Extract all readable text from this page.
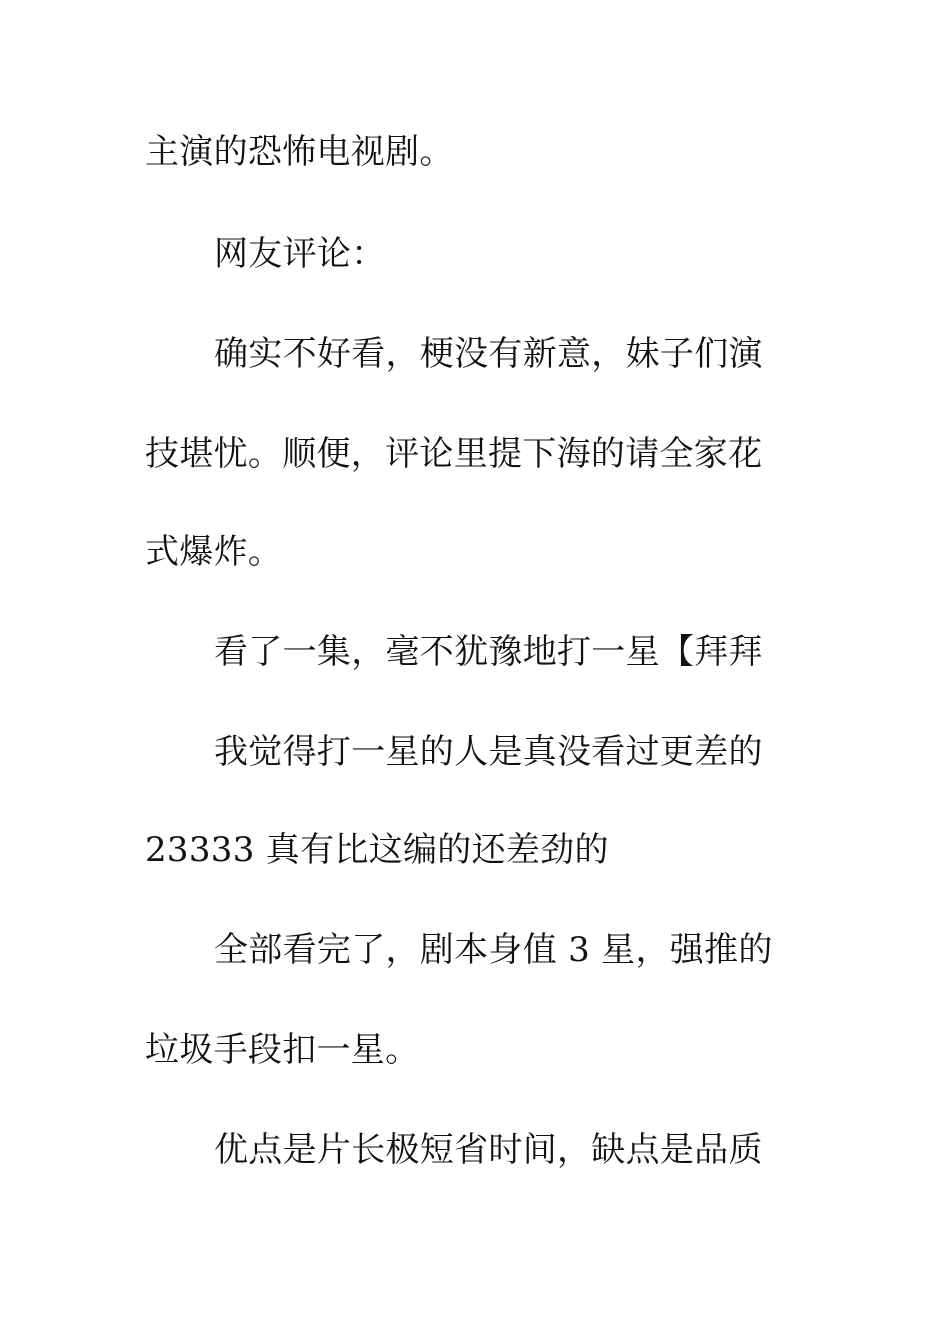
主演的恐怖电视剧。
网友评论：
确实不好看，梗没有新意，妹子们演
技堪忧。顺便，评论里提下海的请全家花
式爆炸。
看了一集，毫不犹豫地打一星【拜拜
我觉得打一星的人是真没看过更差的
23333 真有比这编的还差劲的
全部看完了，剧本身值 3 星，强推的
垃圾手段扣一星。
优点是片长极短省时间，缺点是品质
